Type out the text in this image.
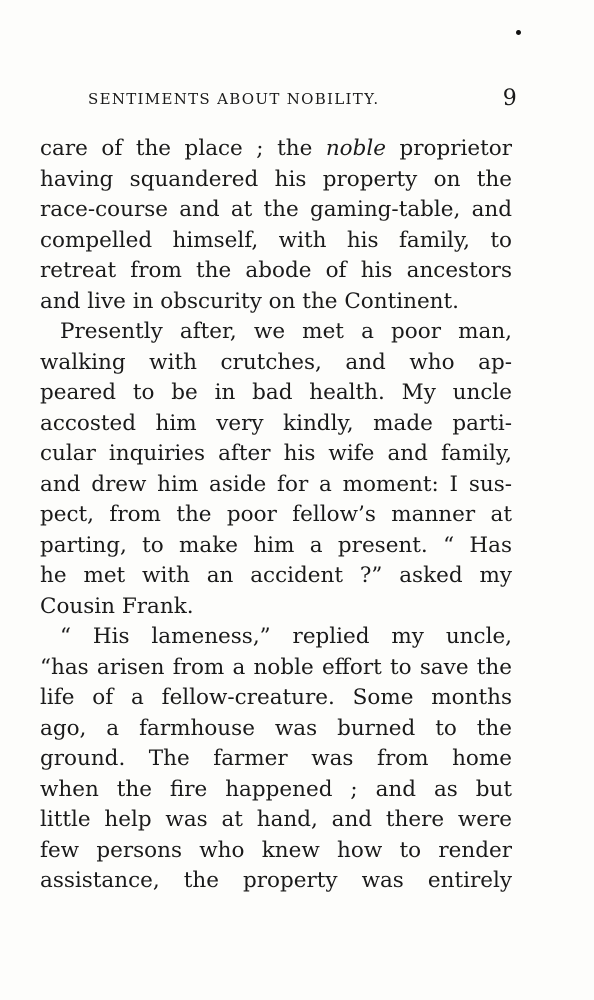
SENTIMENTS ABOUT NOBILITY.	9
care of the place ; the noble proprietor
having squandered his property on the
race-course and at the gaming-table, and
compelled himself, with his family, to
retreat from the abode of his ancestors
and live in obscurity on the Continent.
Presently after, we met a poor man,
walking with crutches, and who ap-
peared to be in bad health. My uncle
accosted him very kindly, made parti-
cular inquiries after his wife and family,
and drew him aside for a moment: I sus-
pect, from the poor fellow’s manner at
parting, to make him a present. “ Has
he met with an accident ?” asked my
Cousin Frank.
“ His lameness,” replied my uncle,
“has arisen from a noble effort to save the
life of a fellow-creature. Some months
ago, a farmhouse was burned to the
ground. The farmer was from home
when the fire happened ; and as but
little help was at hand, and there were
few persons who knew how to render
assistance, the property was entirely
